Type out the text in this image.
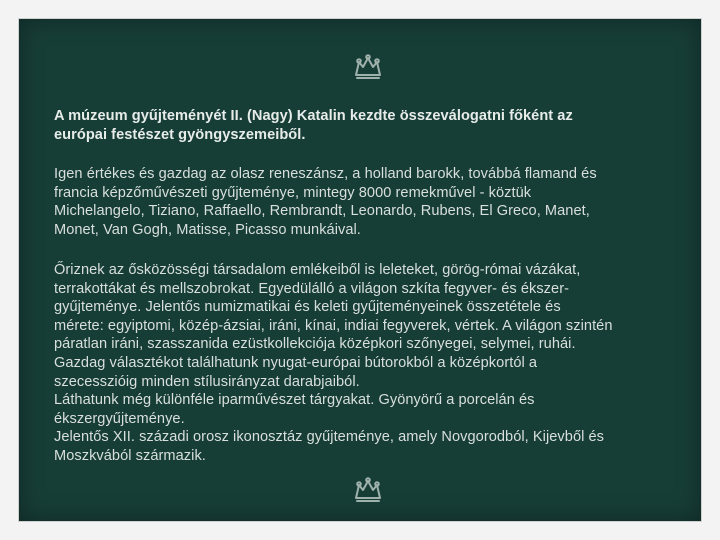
A múzeum gyűjteményét II. (Nagy) Katalin kezdte összeválogatni főként az
európai festészet gyöngyszemeiből.
Igen értékes és gazdag az olasz reneszánsz, a holland barokk, továbbá flamand és
francia képzőművészeti gyűjteménye, mintegy 8000 remekművel - köztük
Michelangelo, Tiziano, Raffaello, Rembrandt, Leonardo, Rubens, El Greco, Manet,
Monet, Van Gogh, Matisse, Picasso munkáival.
Őriznek az ősközösségi társadalom emlékeiből is leleteket, görög-római vázákat,
terrakottákat és mellszobrokat. Egyedülálló a világon szkíta fegyver- és ékszer-
gyűjteménye. Jelentős numizmatikai és keleti gyűjteményeinek összetétele és
mérete: egyiptomi, közép-ázsiai, iráni, kínai, indiai fegyverek, vértek. A világon szintén
páratlan iráni, szasszanida ezüstkollekciója középkori szőnyegei, selymei, ruhái.
Gazdag választékot találhatunk nyugat-európai bútorokból a középkortól a
szecesszióig minden stílusirányzat darabjaiból.
Láthatunk még különféle iparművészet tárgyakat. Gyönyörű a porcelán és
ékszergyűjteménye.
Jelentős XII. századi orosz ikonosztáz gyűjteménye, amely Novgorodból, Kijevből és
Moszkvából származik.
